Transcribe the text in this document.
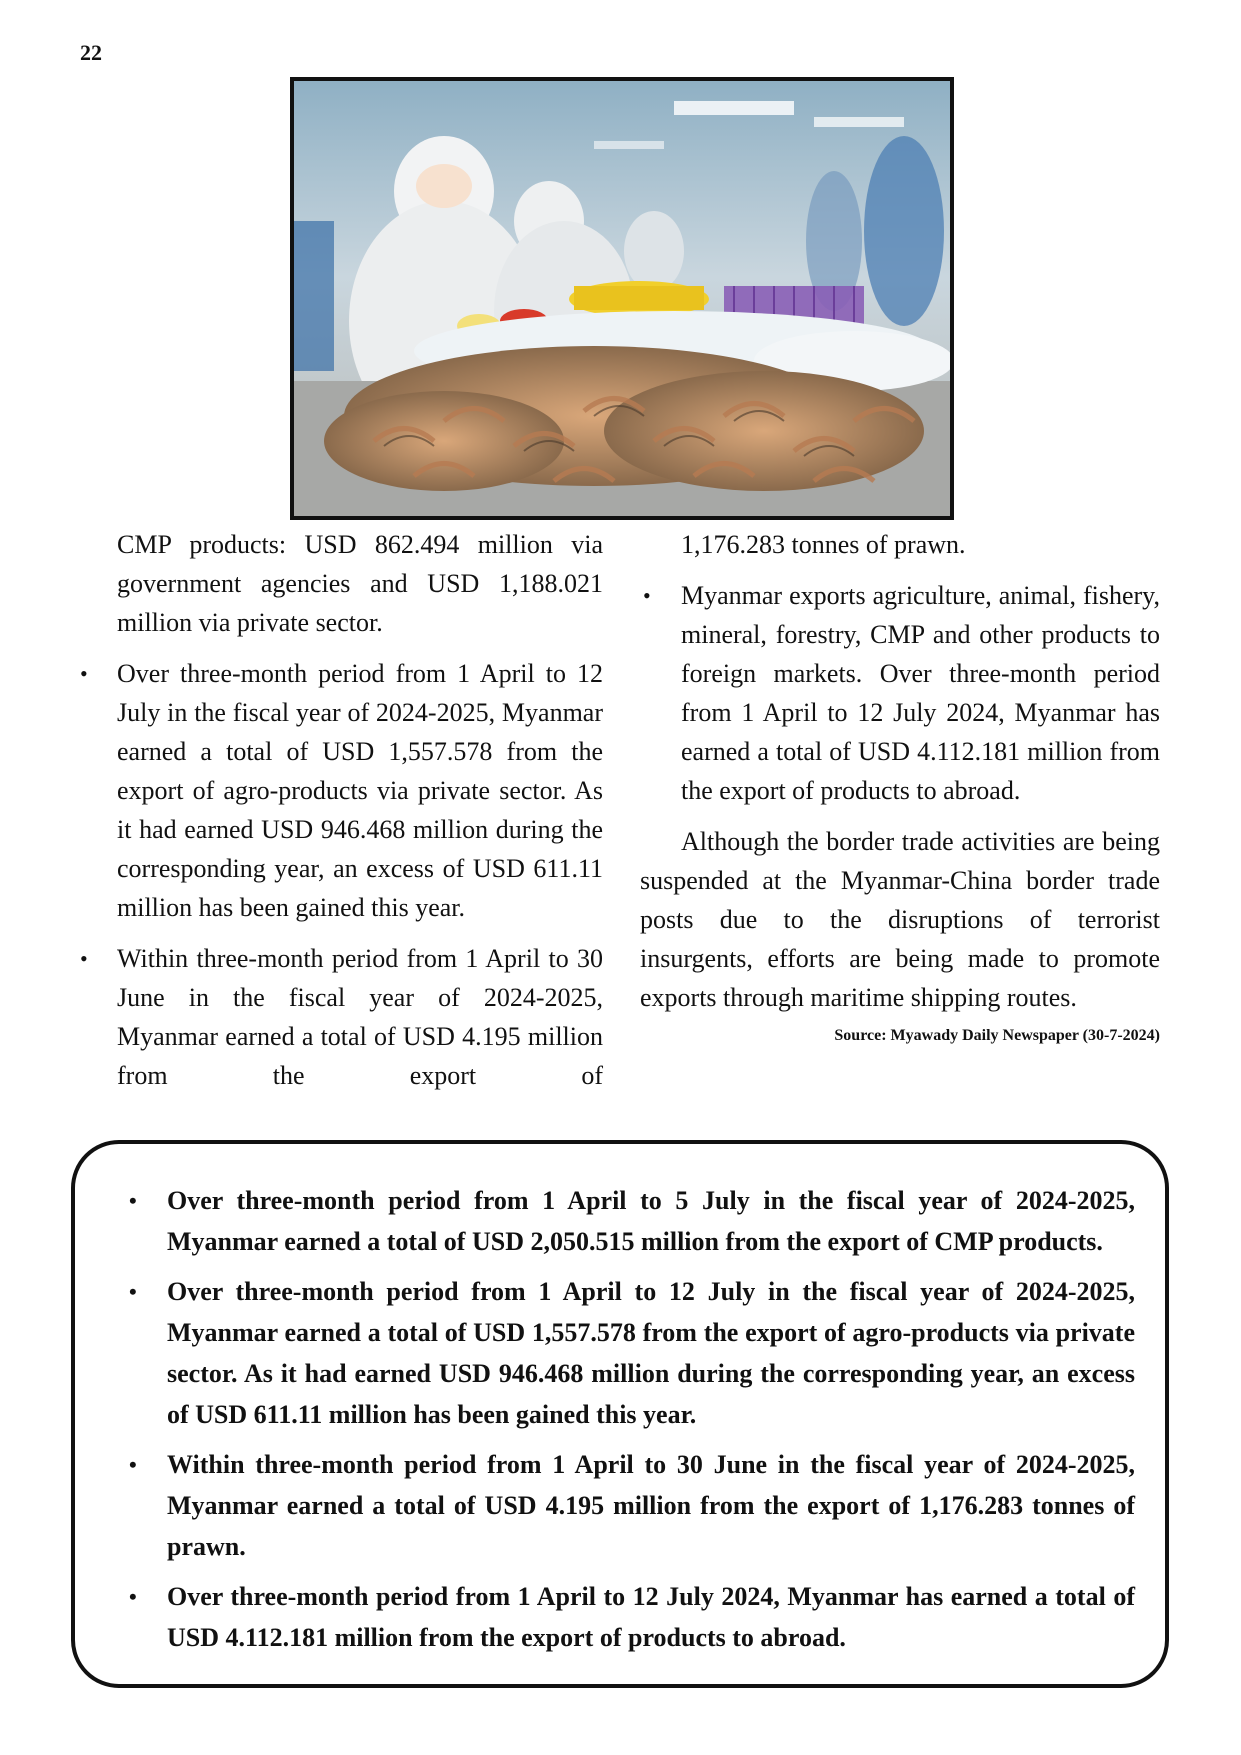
22

CMP products: USD 862.494 million via government agencies and USD 1,188.021 million via private sector.

• Over three-month period from 1 April to 12 July in the fiscal year of 2024-2025, Myanmar earned a total of USD 1,557.578 from the export of agro-products via private sector. As it had earned USD 946.468 million during the corresponding year, an excess of USD 611.11 million has been gained this year.
• Within three-month period from 1 April to 30 June in the fiscal year of 2024-2025, Myanmar earned a total of USD 4.195 million from the export of

1,176.283 tonnes of prawn.

• Myanmar exports agriculture, animal, fishery, mineral, forestry, CMP and other products to foreign markets. Over three-month period from 1 April to 12 July 2024, Myanmar has earned a total of USD 4.112.181 million from the export of products to abroad.

Although the border trade activities are being suspended at the Myanmar-China border trade posts due to the disruptions of terrorist insurgents, efforts are being made to promote exports through maritime shipping routes.

Source: Myawady Daily Newspaper (30-7-2024)
• Over three-month period from 1 April to 5 July in the fiscal year of 2024-2025, Myanmar earned a total of USD 2,050.515 million from the export of CMP products.
• Over three-month period from 1 April to 12 July in the fiscal year of 2024-2025, Myanmar earned a total of USD 1,557.578 from the export of agro-products via private sector. As it had earned USD 946.468 million during the corresponding year, an excess of USD 611.11 million has been gained this year.
• Within three-month period from 1 April to 30 June in the fiscal year of 2024-2025, Myanmar earned a total of USD 4.195 million from the export of 1,176.283 tonnes of prawn.
• Over three-month period from 1 April to 12 July 2024, Myanmar has earned a total of USD 4.112.181 million from the export of products to abroad.
